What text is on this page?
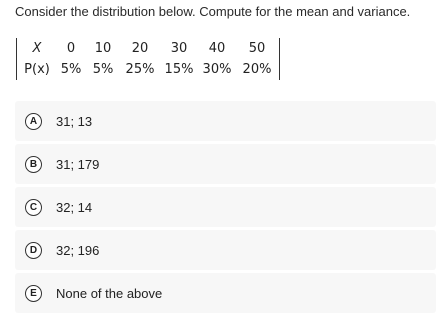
Consider the distribution below. Compute for the mean and variance.
X	0	10	20	30	40	50
P(x) 5% 5% 25% 15% 30% 20%
A	31; 13
B	31; 179
C	32; 14
D	32; 196
E	None of the above
